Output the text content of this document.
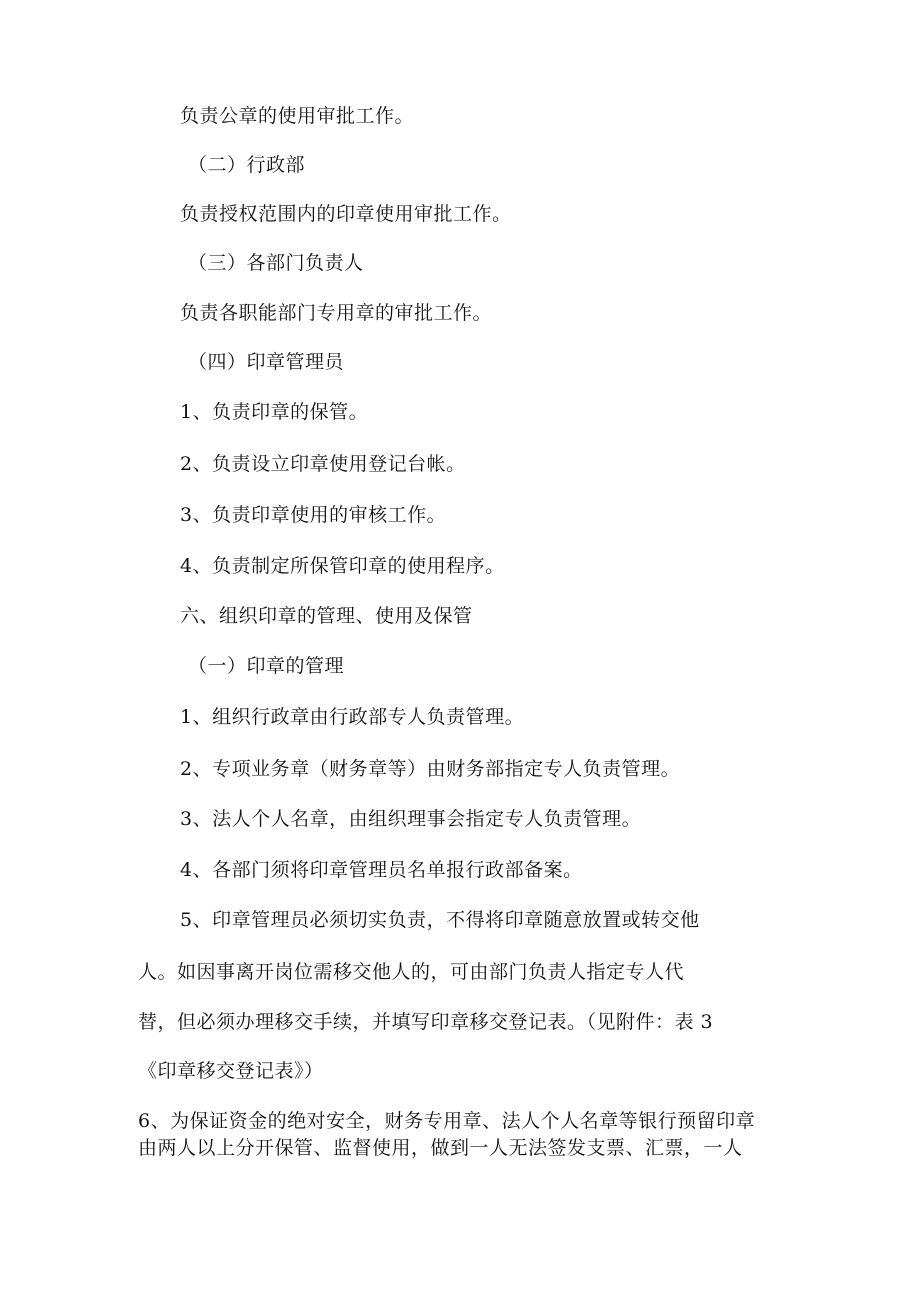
负责公章的使用审批工作。
（二）行政部
负责授权范围内的印章使用审批工作。
（三）各部门负责人
负责各职能部门专用章的审批工作。
（四）印章管理员
1、负责印章的保管。
2、负责设立印章使用登记台帐。
3、负责印章使用的审核工作。
4、负责制定所保管印章的使用程序。
六、组织印章的管理、使用及保管
（一）印章的管理
1、组织行政章由行政部专人负责管理。
2、专项业务章（财务章等）由财务部指定专人负责管理。
3、法人个人名章，由组织理事会指定专人负责管理。
4、各部门须将印章管理员名单报行政部备案。
5、印章管理员必须切实负责，不得将印章随意放置或转交他
人。如因事离开岗位需移交他人的，可由部门负责人指定专人代
替，但必须办理移交手续，并填写印章移交登记表。（见附件：表 3
《印章移交登记表》）
6、为保证资金的绝对安全，财务专用章、法人个人名章等银行预留印章
由两人以上分开保管、监督使用，做到一人无法签发支票、汇票，一人
